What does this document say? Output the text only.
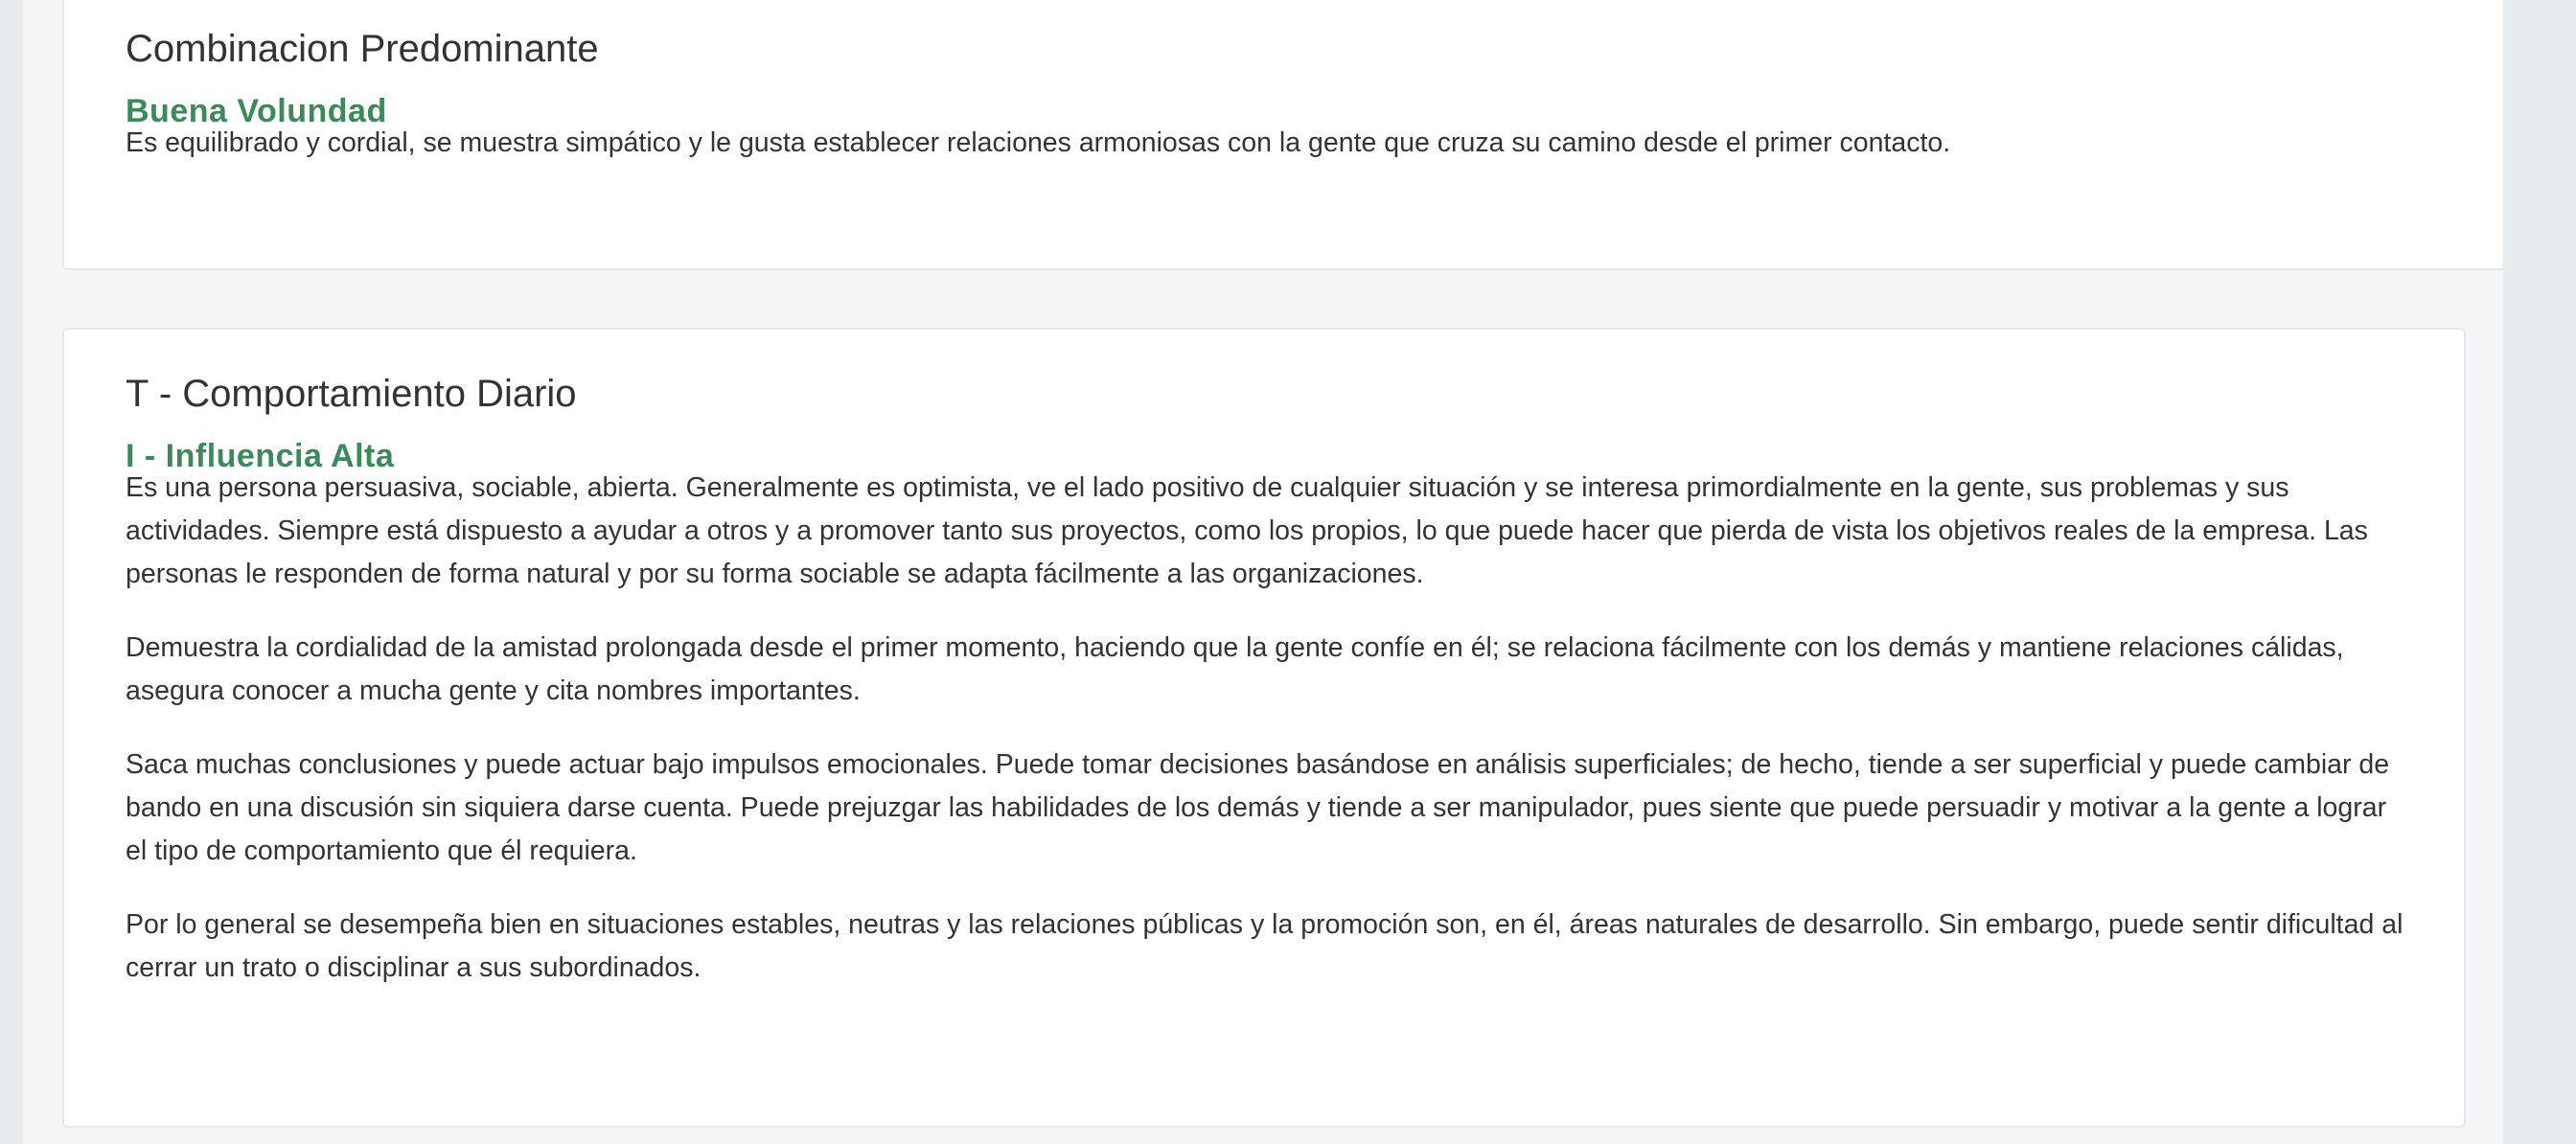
Combinacion Predominante
Buena Volundad

Es equilibrado y cordial, se muestra simpático y le gusta establecer relaciones armoniosas con la gente que cruza su camino desde el primer contacto.

T - Comportamiento Diario
I - Influencia Alta

Es una persona persuasiva, sociable, abierta. Generalmente es optimista, ve el lado positivo de cualquier situación y se interesa primordialmente en la gente, sus problemas y sus actividades. Siempre está dispuesto a ayudar a otros y a promover tanto sus proyectos, como los propios, lo que puede hacer que pierda de vista los objetivos reales de la empresa. Las personas le responden de forma natural y por su forma sociable se adapta fácilmente a las organizaciones.

Demuestra la cordialidad de la amistad prolongada desde el primer momento, haciendo que la gente confíe en él; se relaciona fácilmente con los demás y mantiene relaciones cálidas, asegura conocer a mucha gente y cita nombres importantes.

Saca muchas conclusiones y puede actuar bajo impulsos emocionales. Puede tomar decisiones basándose en análisis superficiales; de hecho, tiende a ser superficial y puede cambiar de bando en una discusión sin siquiera darse cuenta. Puede prejuzgar las habilidades de los demás y tiende a ser manipulador, pues siente que puede persuadir y motivar a la gente a lograr el tipo de comportamiento que él requiera.

Por lo general se desempeña bien en situaciones estables, neutras y las relaciones públicas y la promoción son, en él, áreas naturales de desarrollo. Sin embargo, puede sentir dificultad al cerrar un trato o disciplinar a sus subordinados.
